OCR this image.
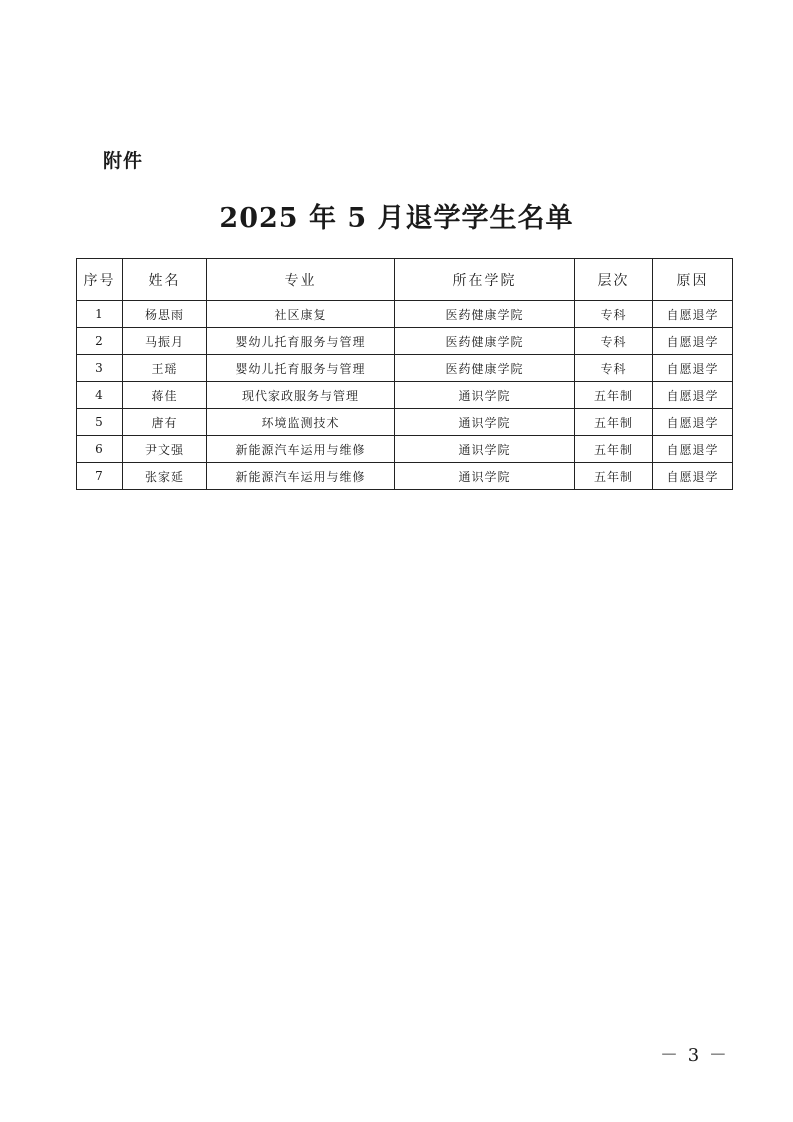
附件
2025 年 5 月退学学生名单
序号	姓名	专业	所在学院	层次	原因
1	杨思雨	社区康复	医药健康学院	专科	自愿退学
2	马振月	婴幼儿托育服务与管理	医药健康学院	专科	自愿退学
3	王瑶	婴幼儿托育服务与管理	医药健康学院	专科	自愿退学
4	蒋佳	现代家政服务与管理	通识学院	五年制	自愿退学
5	唐有	环境监测技术	通识学院	五年制	自愿退学
6	尹文强	新能源汽车运用与维修	通识学院	五年制	自愿退学
7	张家延	新能源汽车运用与维修	通识学院	五年制	自愿退学
－ 3 －
